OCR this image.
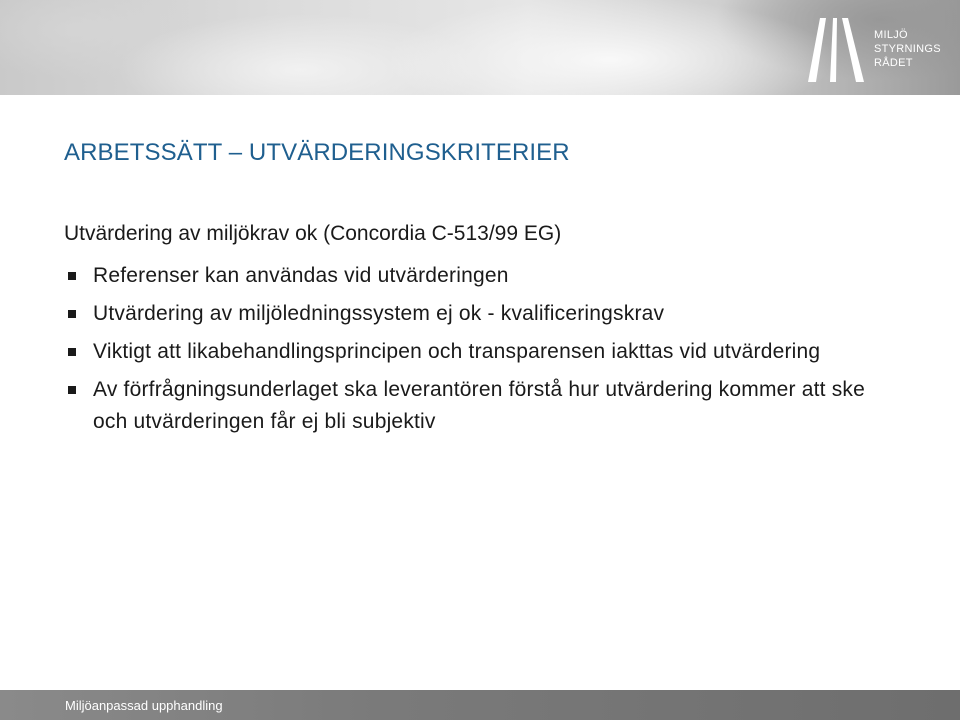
MILJÖ
STYRNINGS
RÅDET
ARBETSSÄTT – UTVÄRDERINGSKRITERIER

Utvärdering av miljökrav ok (Concordia C-513/99 EG)

Referenser kan användas vid utvärderingen
Utvärdering av miljöledningssystem ej ok - kvalificeringskrav
Viktigt att likabehandlingsprincipen och transparensen iakttas vid utvärdering
Av förfrågningsunderlaget ska leverantören förstå hur utvärdering kommer att ske och utvärderingen får ej bli subjektiv
Miljöanpassad upphandling
